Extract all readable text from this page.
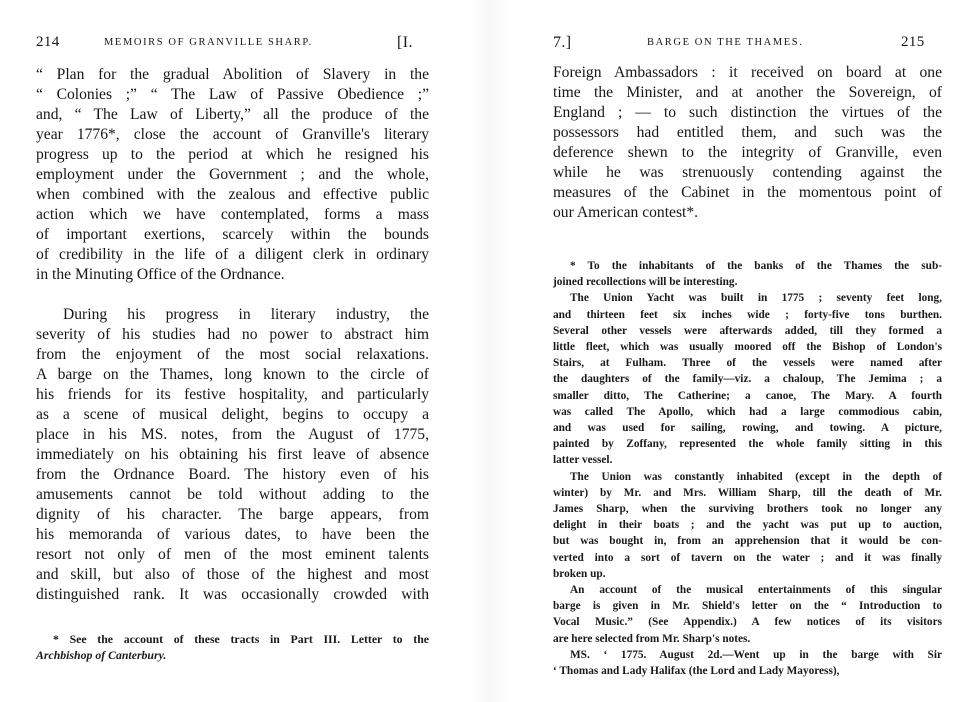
214	MEMOIRS OF GRANVILLE SHARP.	[I.
“ Plan for the gradual Abolition of Slavery in the
“ Colonies ;” “ The Law of Passive Obedience ;”
and, “ The Law of Liberty,” all the produce of the
year 1776*, close the account of Granville's literary
progress up to the period at which he resigned his
employment under the Government ; and the whole,
when combined with the zealous and effective public
action which we have contemplated, forms a mass
of important exertions, scarcely within the bounds
of credibility in the life of a diligent clerk in ordinary
in the Minuting Office of the Ordnance.
During his progress in literary industry, the
severity of his studies had no power to abstract him
from the enjoyment of the most social relaxations.
A barge on the Thames, long known to the circle of
his friends for its festive hospitality, and particularly
as a scene of musical delight, begins to occupy a
place in his MS. notes, from the August of 1775,
immediately on his obtaining his first leave of absence
from the Ordnance Board. The history even of his
amusements cannot be told without adding to the
dignity of his character. The barge appears, from
his memoranda of various dates, to have been the
resort not only of men of the most eminent talents
and skill, but also of those of the highest and most
distinguished rank. It was occasionally crowded with
* See the account of these tracts in Part III. Letter to the
Archbishop of Canterbury.
7.]	BARGE ON THE THAMES.	215
Foreign Ambassadors : it received on board at one
time the Minister, and at another the Sovereign, of
England ; — to such distinction the virtues of the
possessors had entitled them, and such was the
deference shewn to the integrity of Granville, even
while he was strenuously contending against the
measures of the Cabinet in the momentous point of
our American contest*.
* To the inhabitants of the banks of the Thames the sub-
joined recollections will be interesting.
The Union Yacht was built in 1775 ; seventy feet long,
and thirteen feet six inches wide ; forty-five tons burthen.
Several other vessels were afterwards added, till they formed a
little fleet, which was usually moored off the Bishop of London's
Stairs, at Fulham. Three of the vessels were named after
the daughters of the family—viz. a chaloup, The Jemima ; a
smaller ditto, The Catherine; a canoe, The Mary. A fourth
was called The Apollo, which had a large commodious cabin,
and was used for sailing, rowing, and towing. A picture,
painted by Zoffany, represented the whole family sitting in this
latter vessel.
The Union was constantly inhabited (except in the depth of
winter) by Mr. and Mrs. William Sharp, till the death of Mr.
James Sharp, when the surviving brothers took no longer any
delight in their boats ; and the yacht was put up to auction,
but was bought in, from an apprehension that it would be con-
verted into a sort of tavern on the water ; and it was finally
broken up.
An account of the musical entertainments of this singular
barge is given in Mr. Shield's letter on the “ Introduction to
Vocal Music.” (See Appendix.) A few notices of its visitors
are here selected from Mr. Sharp's notes.
MS. ‘ 1775. August 2d.—Went up in the barge with Sir
‘ Thomas and Lady Halifax (the Lord and Lady Mayoress),
